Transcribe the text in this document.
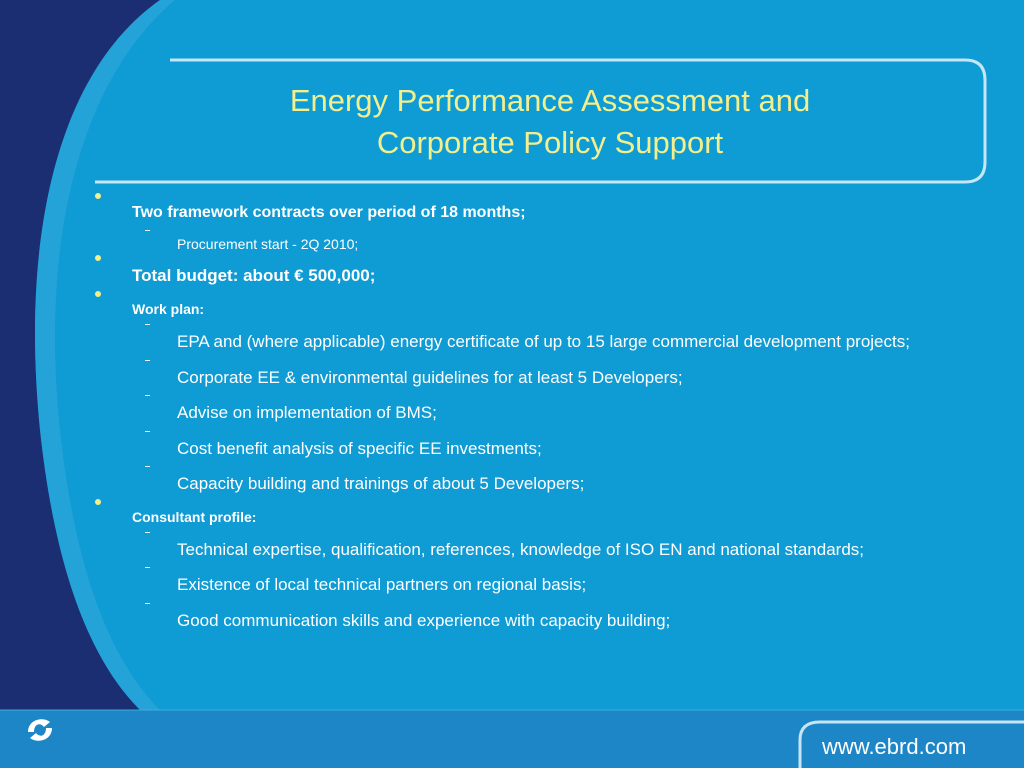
www.ebrd.com
Energy Performance Assessment and
Corporate Policy Support
Two framework contracts over period of 18 months;
Procurement start - 2Q 2010;
Total budget: about € 500,000;
Work plan:
EPA and (where applicable) energy certificate of up to 15 large commercial development projects;
Corporate EE & environmental guidelines for at least 5 Developers;
Advise on implementation of BMS;
Cost benefit analysis of specific EE investments;
Capacity building and trainings of about 5 Developers;
Consultant profile:
Technical expertise, qualification, references, knowledge of ISO EN and national standards;
Existence of local technical partners on regional basis;
Good communication skills and experience with capacity building;
